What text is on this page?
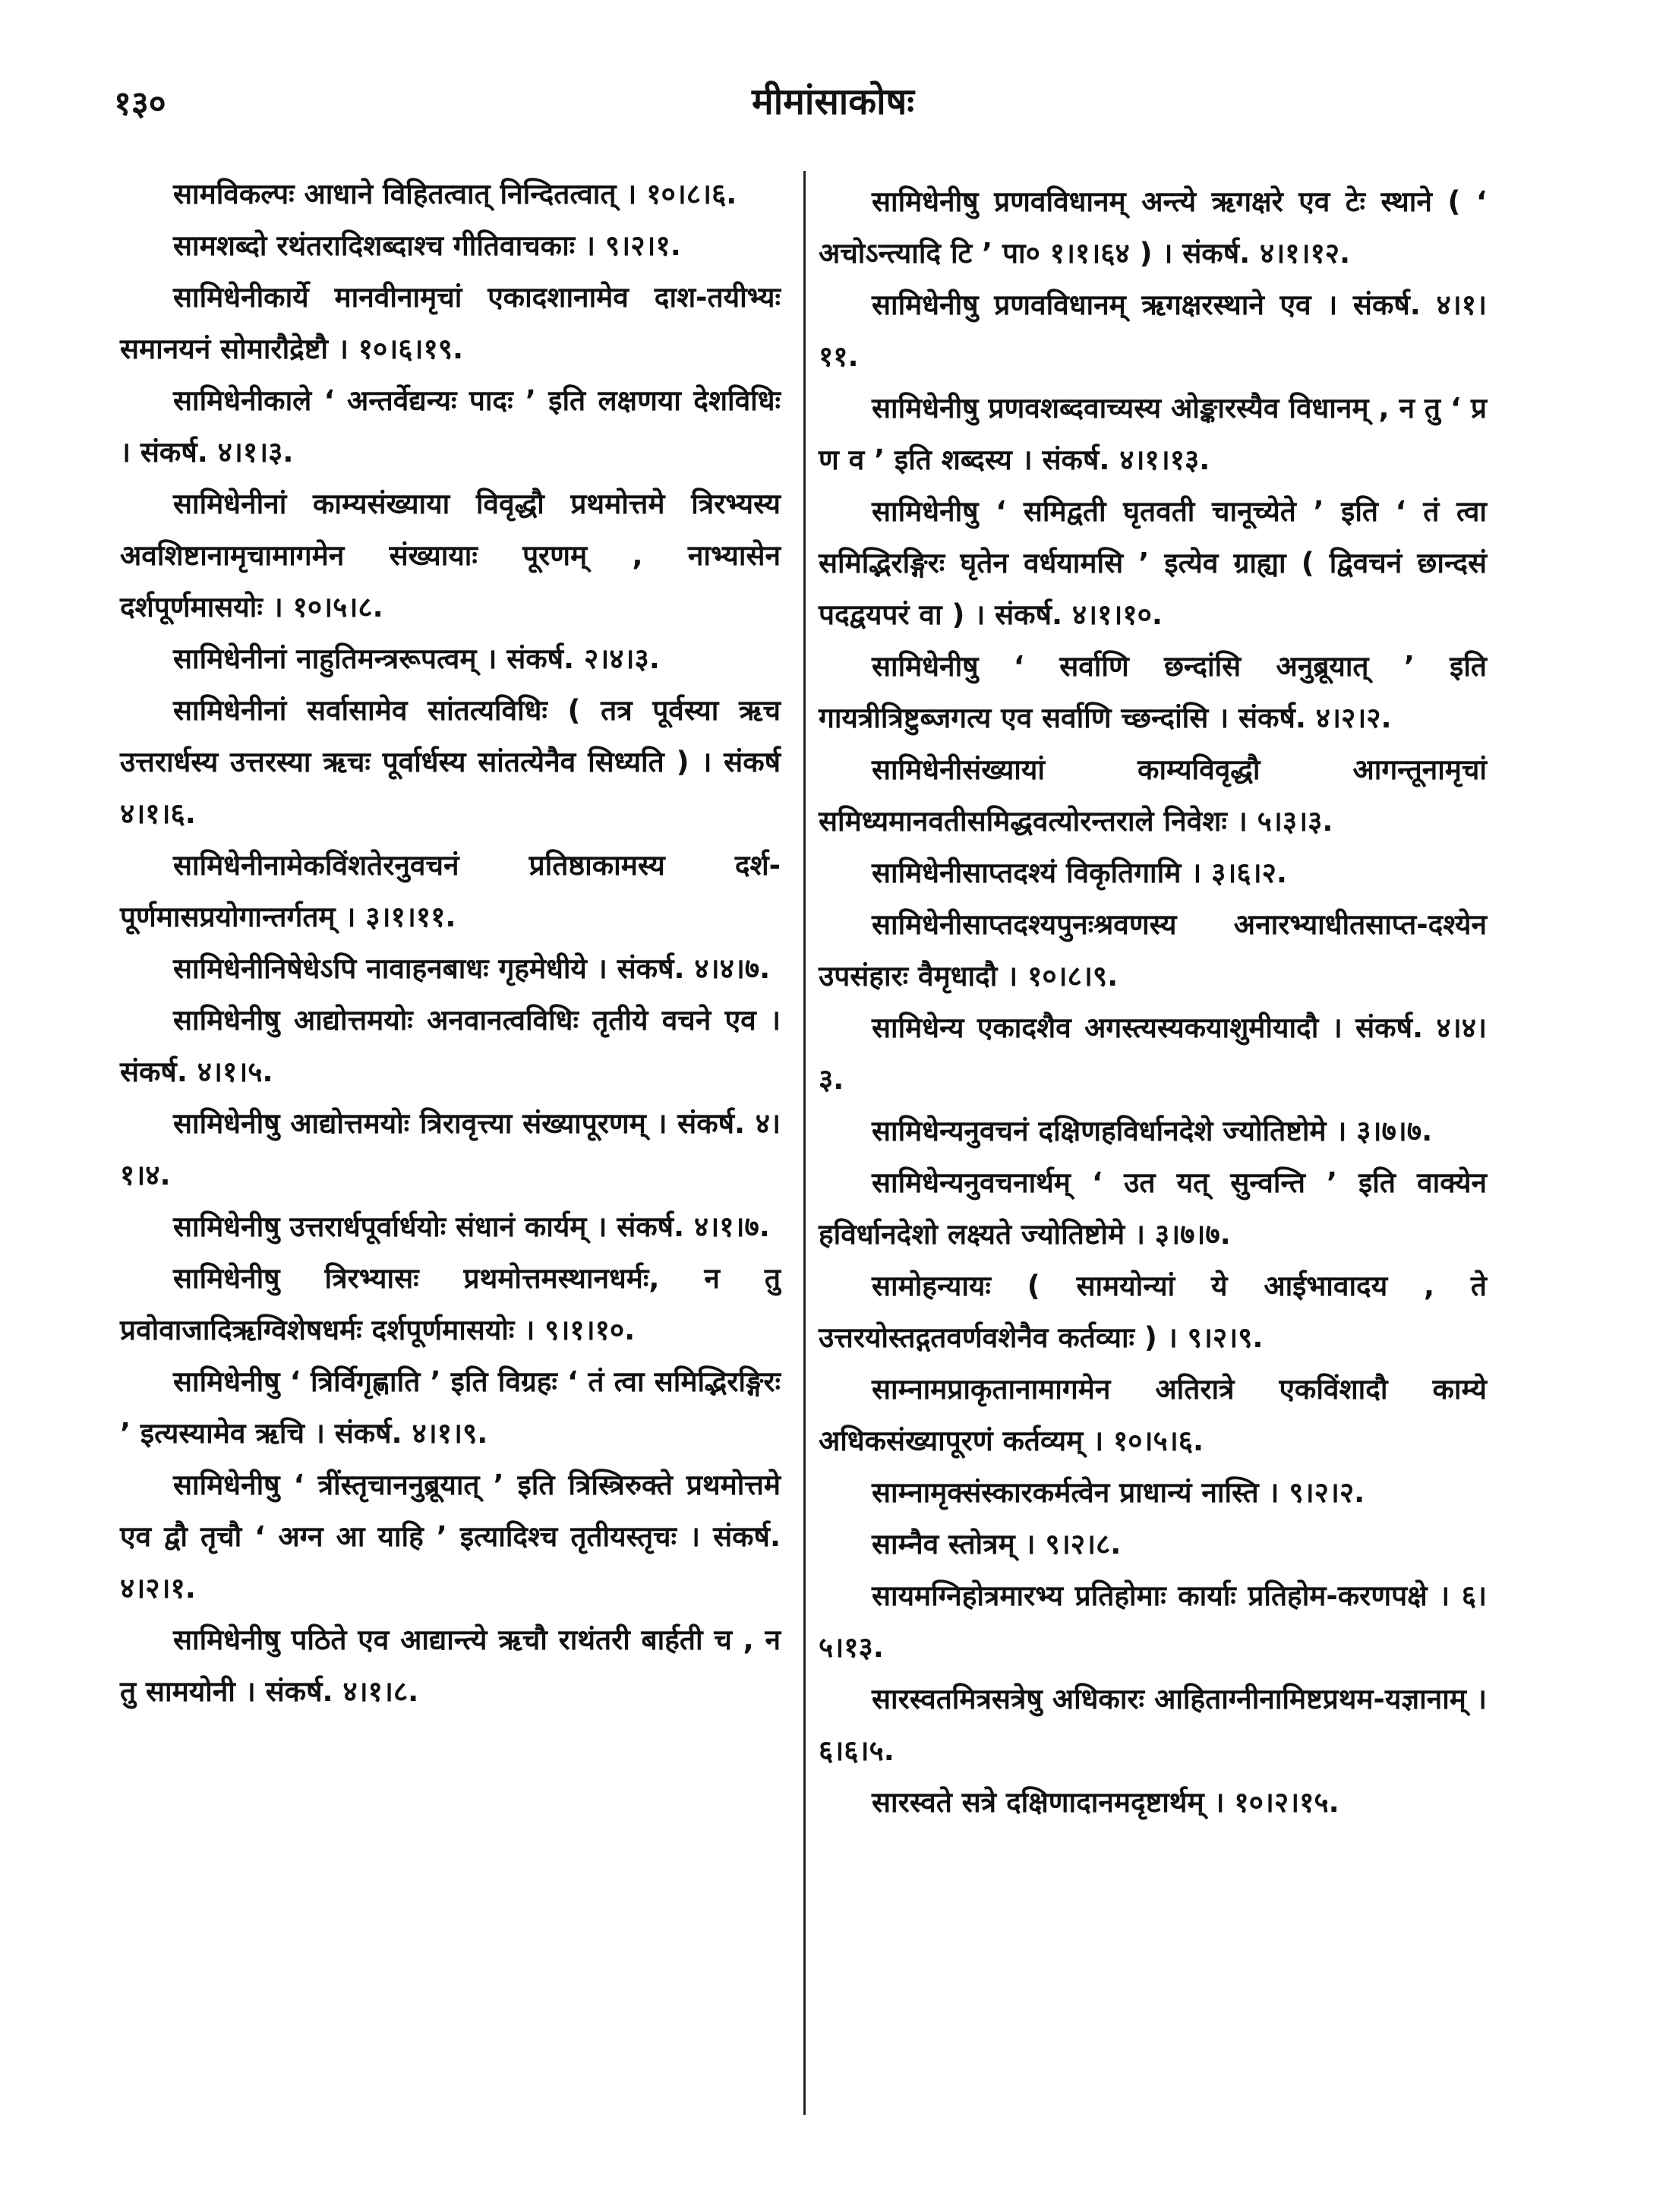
१३०	मीमांसाकोषः

सामविकल्पः आधाने विहितत्वात् निन्दितत्वात् । १०।८।६.

सामशब्दो रथंतरादिशब्दाश्च गीतिवाचकाः । ९।२।१.

सामिधेनीकार्ये मानवीनामृचां एकादशानामेव दाश-तयीभ्यः समानयनं सोमारौद्रेष्टौ । १०।६।१९.

सामिधेनीकाले ‘ अन्तर्वेद्यन्यः पादः ’ इति लक्षणया देशविधिः । संकर्ष. ४।१।३.

सामिधेनीनां काम्यसंख्याया विवृद्धौ प्रथमोत्तमे त्रिरभ्यस्य अवशिष्टानामृचामागमेन संख्यायाः पूरणम् , नाभ्यासेन दर्शपूर्णमासयोः । १०।५।८.

सामिधेनीनां नाहुतिमन्त्ररूपत्वम् । संकर्ष. २।४।३.

सामिधेनीनां सर्वासामेव सांतत्यविधिः ( तत्र पूर्वस्या ऋच उत्तरार्धस्य उत्तरस्या ऋचः पूर्वार्धस्य सांतत्येनैव सिध्यति ) । संकर्ष ४।१।६.

सामिधेनीनामेकविंशतेरनुवचनं प्रतिष्ठाकामस्य दर्श-पूर्णमासप्रयोगान्तर्गतम् । ३।१।११.

सामिधेनीनिषेधेऽपि नावाहनबाधः गृहमेधीये । संकर्ष. ४।४।७.

सामिधेनीषु आद्योत्तमयोः अनवानत्वविधिः तृतीये वचने एव । संकर्ष. ४।१।५.

सामिधेनीषु आद्योत्तमयोः त्रिरावृत्त्या संख्यापूरणम् । संकर्ष. ४।१।४.

सामिधेनीषु उत्तरार्धपूर्वार्धयोः संधानं कार्यम् । संकर्ष. ४।१।७.

सामिधेनीषु त्रिरभ्यासः प्रथमोत्तमस्थानधर्मः, न तु प्रवोवाजादिऋग्विशेषधर्मः दर्शपूर्णमासयोः । ९।१।१०.

सामिधेनीषु ‘ त्रिर्विगृह्णाति ’ इति विग्रहः ‘ तं त्वा समिद्भिरङ्गिरः ’ इत्यस्यामेव ऋचि । संकर्ष. ४।१।९.

सामिधेनीषु ‘ त्रींस्तृचाननुब्रूयात् ’ इति त्रिस्त्रिरुक्ते प्रथमोत्तमे एव द्वौ तृचौ ‘ अग्न आ याहि ’ इत्यादिश्च तृतीयस्तृचः । संकर्ष. ४।२।१.

सामिधेनीषु पठिते एव आद्यान्त्ये ऋचौ राथंतरी बार्हती च , न तु सामयोनी । संकर्ष. ४।१।८.

सामिधेनीषु प्रणवविधानम् अन्त्ये ऋगक्षरे एव टेः स्थाने ( ‘ अचोऽन्त्यादि टि ’ पा० १।१।६४ ) । संकर्ष. ४।१।१२.

सामिधेनीषु प्रणवविधानम् ऋगक्षरस्थाने एव । संकर्ष. ४।१।११.

सामिधेनीषु प्रणवशब्दवाच्यस्य ओङ्कारस्यैव विधानम् , न तु ‘ प्र ण व ’ इति शब्दस्य । संकर्ष. ४।१।१३.

सामिधेनीषु ‘ समिद्वती घृतवती चानूच्येते ’ इति ‘ तं त्वा समिद्भिरङ्गिरः घृतेन वर्धयामसि ’ इत्येव ग्राह्या ( द्विवचनं छान्दसं पदद्वयपरं वा ) । संकर्ष. ४।१।१०.

सामिधेनीषु ‘ सर्वाणि छन्दांसि अनुब्रूयात् ’ इति गायत्रीत्रिष्टुब्जगत्य एव सर्वाणि च्छन्दांसि । संकर्ष. ४।२।२.

सामिधेनीसंख्यायां काम्यविवृद्धौ आगन्तूनामृचां समिध्यमानवतीसमिद्धवत्योरन्तराले निवेशः । ५।३।३.

सामिधेनीसाप्तदश्यं विकृतिगामि । ३।६।२.

सामिधेनीसाप्तदश्यपुनःश्रवणस्य अनारभ्याधीतसाप्त-दश्येन उपसंहारः वैमृधादौ । १०।८।९.

सामिधेन्य एकादशैव अगस्त्यस्यकयाशुमीयादौ । संकर्ष. ४।४।३.

सामिधेन्यनुवचनं दक्षिणहविर्धानदेशे ज्योतिष्टोमे । ३।७।७.

सामिधेन्यनुवचनार्थम् ‘ उत यत् सुन्वन्ति ’ इति वाक्येन हविर्धानदेशो लक्ष्यते ज्योतिष्टोमे । ३।७।७.

सामोहन्यायः ( सामयोन्यां ये आईभावादय , ते उत्तरयोस्तद्गतवर्णवशेनैव कर्तव्याः ) । ९।२।९.

साम्नामप्राकृतानामागमेन अतिरात्रे एकविंशादौ काम्ये अधिकसंख्यापूरणं कर्तव्यम् । १०।५।६.

साम्नामृक्संस्कारकर्मत्वेन प्राधान्यं नास्ति । ९।२।२.

साम्नैव स्तोत्रम् । ९।२।८.

सायमग्निहोत्रमारभ्य प्रतिहोमाः कार्याः प्रतिहोम-करणपक्षे । ६।५।१३.

सारस्वतमित्रसत्रेषु अधिकारः आहिताग्नीनामिष्टप्रथम-यज्ञानाम् । ६।६।५.

सारस्वते सत्रे दक्षिणादानमदृष्टार्थम् । १०।२।१५.
